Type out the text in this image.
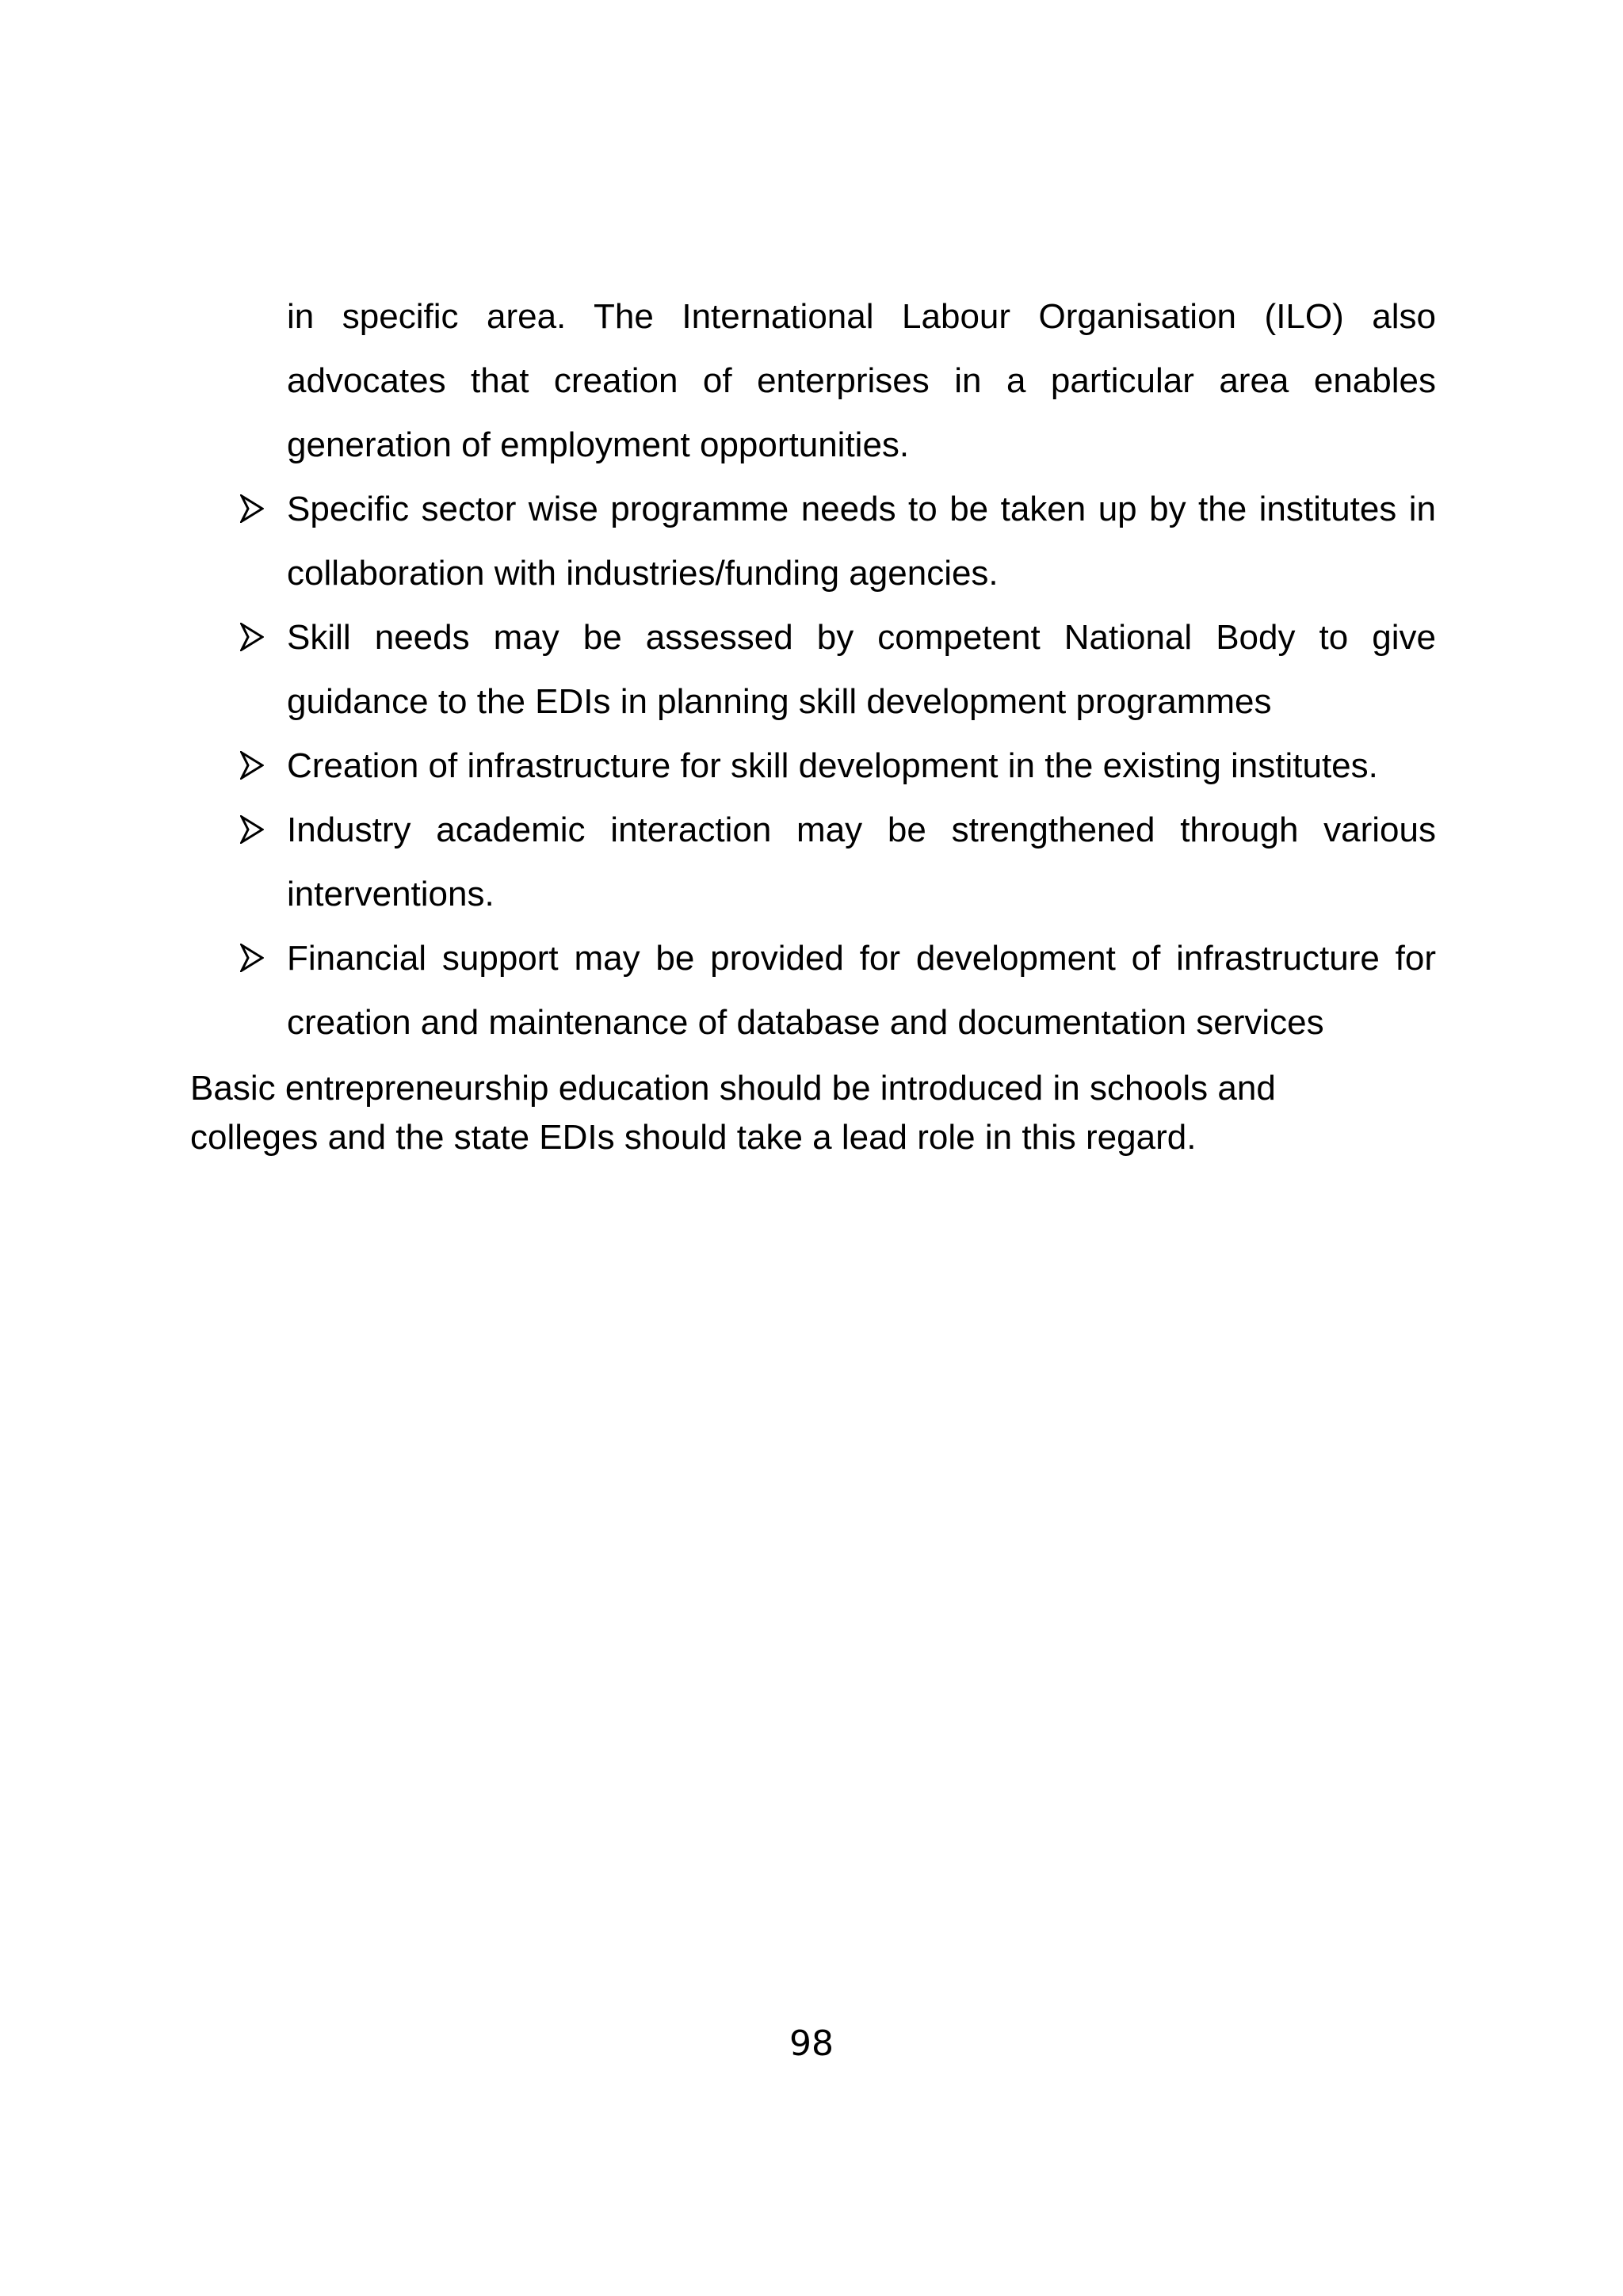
in specific area. The International Labour Organisation (ILO) also advocates that creation of enterprises in a particular area enables generation of employment opportunities.

Specific sector wise programme needs to be taken up by the institutes in collaboration with industries/funding agencies.
Skill needs may be assessed by competent National Body to give guidance to the EDIs in planning skill development programmes
Creation of infrastructure for skill development in the existing institutes.
Industry academic interaction may be strengthened through various interventions.
Financial support may be provided for development of infrastructure for creation and maintenance of database and documentation services

Basic entrepreneurship education should be introduced in schools and colleges and the state EDIs should take a lead role in this regard.

98
